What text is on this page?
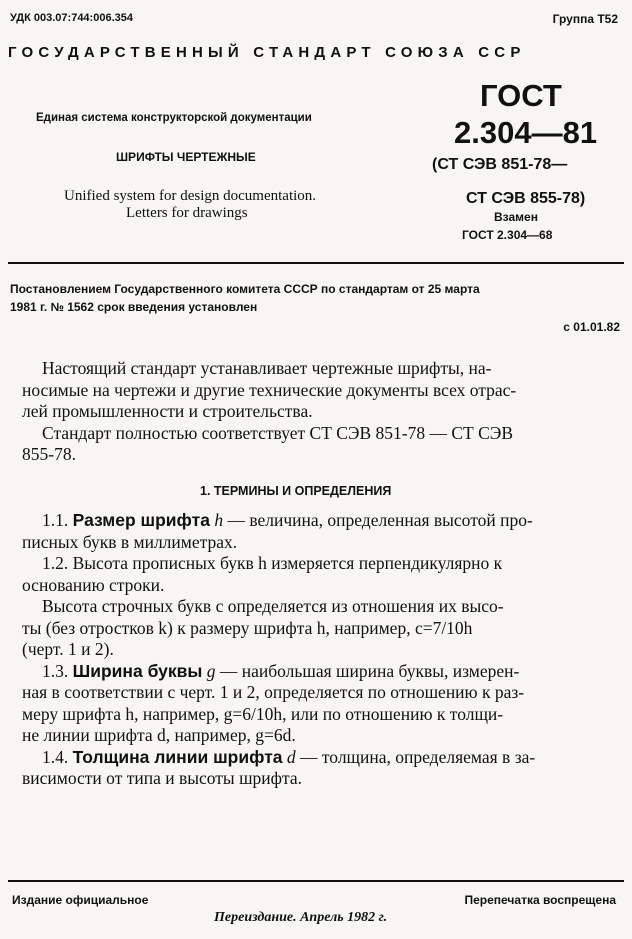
УДК 003.07:744:006.354	Группа Т52
ГОСУДАРСТВЕННЫЙ СТАНДАРТ СОЮЗА ССР
Единая система конструкторской документации
ШРИФТЫ ЧЕРТЕЖНЫЕ
Unified system for design documentation.
Letters for drawings
ГОСТ
2.304—81
(СТ СЭВ 851-78—
СТ СЭВ 855-78)
Взамен
ГОСТ 2.304—68
Постановлением Государственного комитета СССР по стандартам от 25 марта
1981 г. № 1562 срок введения установлен
с 01.01.82
Настоящий стандарт устанавливает чертежные шрифты, на-
носимые на чертежи и другие технические документы всех отрас-
лей промышленности и строительства.
Стандарт полностью соответствует СТ СЭВ 851-78 — СТ СЭВ
855-78.
1. ТЕРМИНЫ И ОПРЕДЕЛЕНИЯ
1.1. Размер шрифта h — величина, определенная высотой про-
писных букв в миллиметрах.
1.2. Высота прописных букв h измеряется перпендикулярно к
основанию строки.
Высота строчных букв c определяется из отношения их высо-
ты (без отростков k) к размеру шрифта h, например, c=7/10h
(черт. 1 и 2).
1.3. Ширина буквы g — наибольшая ширина буквы, измерен-
ная в соответствии с черт. 1 и 2, определяется по отношению к раз-
меру шрифта h, например, g=6/10h, или по отношению к толщи-
не линии шрифта d, например, g=6d.
1.4. Толщина линии шрифта d — толщина, определяемая в за-
висимости от типа и высоты шрифта.
Издание официальное	Перепечатка воспрещена
Переиздание. Апрель 1982 г.
